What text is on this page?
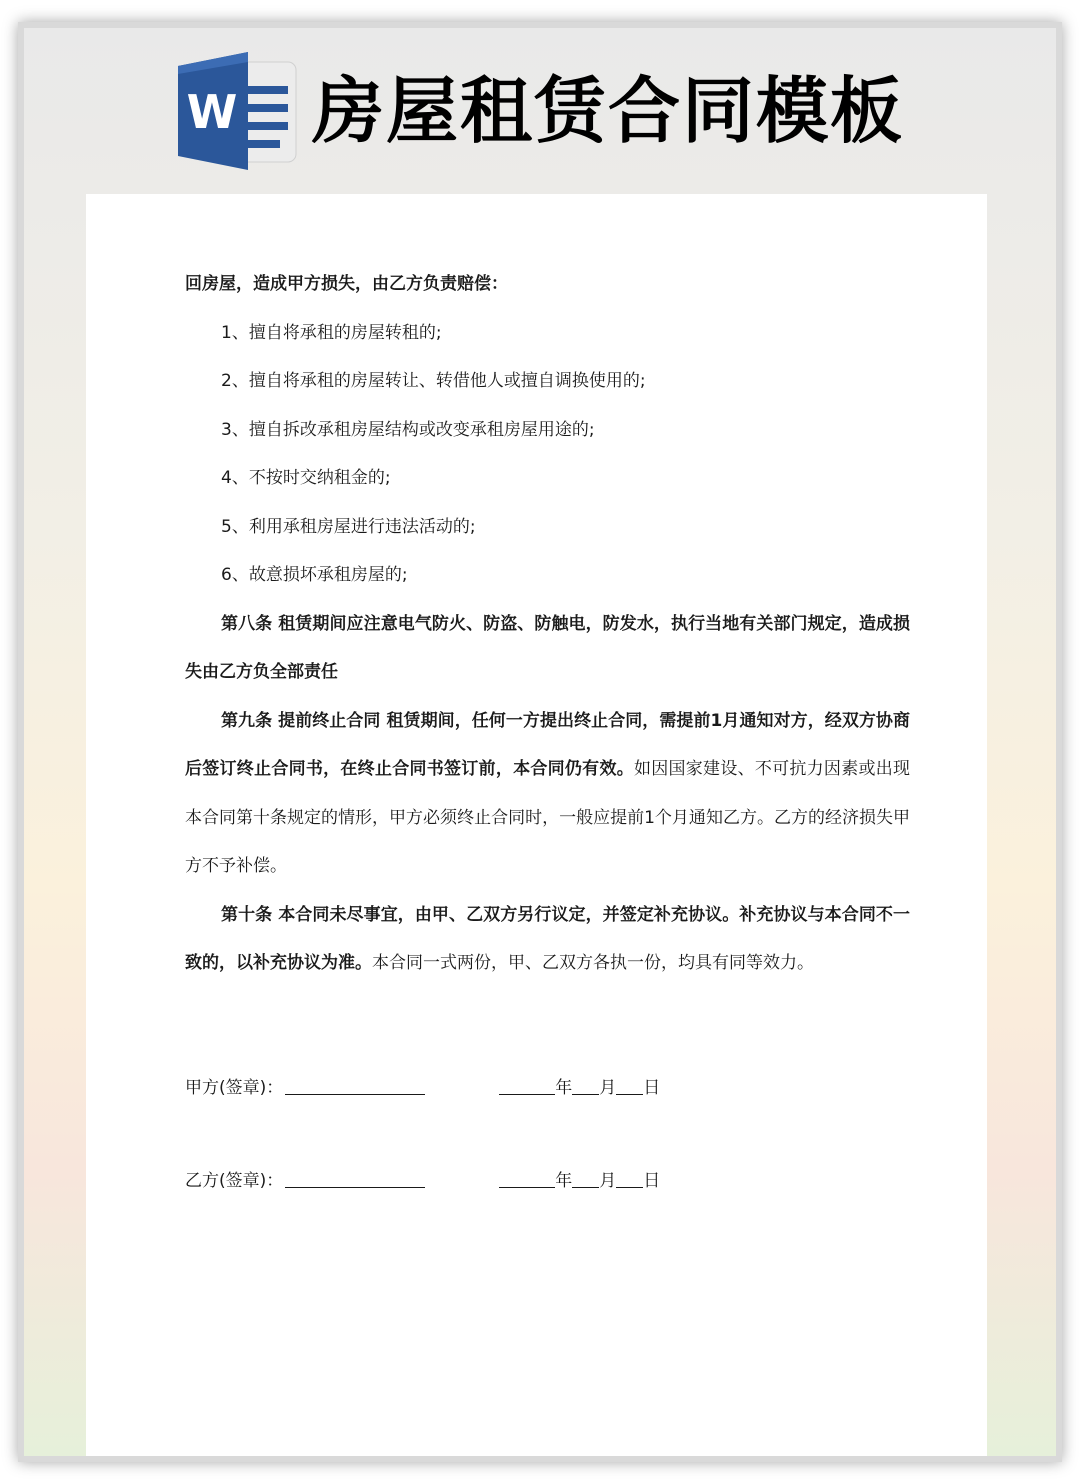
W 房屋租赁合同模板

回房屋，造成甲方损失，由乙方负责赔偿：

1、擅自将承租的房屋转租的;

2、擅自将承租的房屋转让、转借他人或擅自调换使用的;

3、擅自拆改承租房屋结构或改变承租房屋用途的;

4、不按时交纳租金的;

5、利用承租房屋进行违法活动的;

6、故意损坏承租房屋的;

第八条 租赁期间应注意电气防火、防盗、防触电，防发水，执行当地有关部门规定，造成损失由乙方负全部责任

第九条 提前终止合同 租赁期间，任何一方提出终止合同，需提前1月通知对方，经双方协商后签订终止合同书，在终止合同书签订前，本合同仍有效。如因国家建设、不可抗力因素或出现本合同第十条规定的情形，甲方必须终止合同时，一般应提前1个月通知乙方。乙方的经济损失甲方不予补偿。

第十条 本合同未尽事宜，由甲、乙双方另行议定，并签定补充协议。补充协议与本合同不一致的，以补充协议为准。本合同一式两份，甲、乙双方各执一份，均具有同等效力。

甲方(签章)：	年 月 日
乙方(签章)：	年 月 日
